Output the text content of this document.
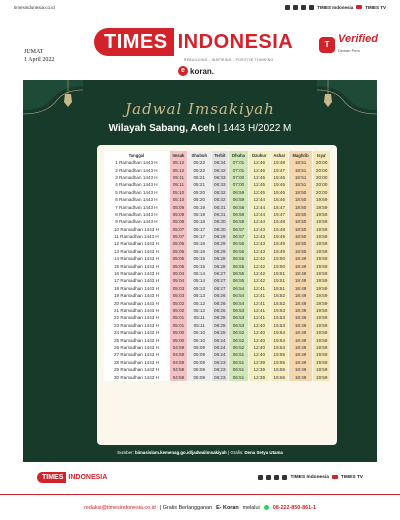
timesindonesia.co.id	TIMES Indonesia	TIMES TV
JUMAT
1 April 2022
TIMES INDONESIA
REBUILDING - INSPIRING - POSITIVE THINKING
e koran.
T Verified
Dewan Pers
Jadwal Imsakiyah
Wilayah Sabang, Aceh | 1443 H/2022 M
Tanggal	Imsak	Shubuh	Terbit	Dhuha	Dzuhur	Ashar	Maghrib	Isya'
1 Ramadhan 1443 H	05:12	05:22	06:34	07:01	12:46	15:48	18:51	20:00
2 Ramadhan 1443 H	05:12	05:22	06:32	07:01	12:46	15:47	18:51	20:00
3 Ramadhan 1443 H	05:11	05:21	06:33	07:00	12:45	15:46	18:51	20:00
4 Ramadhan 1443 H	05:11	05:21	06:33	07:00	12:45	15:46	18:51	20:00
5 Ramadhan 1443 H	05:10	05:20	06:32	06:59	12:45	15:46	18:50	20:00
6 Ramadhan 1443 H	05:10	05:20	06:32	06:59	12:44	15:46	18:50	19:59
7 Ramadhan 1443 H	05:09	05:19	06:31	06:58	12:44	15:47	18:50	19:59
8 Ramadhan 1443 H	05:09	05:19	06:31	06:58	12:44	15:47	18:50	19:59
9 Ramadhan 1443 H	05:08	05:18	06:30	06:58	12:44	15:48	18:50	19:59
10 Ramadhan 1443 H	05:07	05:17	06:30	06:57	12:43	15:48	18:50	19:59
11 Ramadhan 1443 H	05:07	05:17	06:29	06:57	12:43	15:49	18:50	19:59
12 Ramadhan 1443 H	05:06	05:16	06:29	06:56	12:43	15:49	18:50	19:59
13 Ramadhan 1443 H	05:06	05:16	06:29	06:56	12:43	15:49	18:50	19:59
14 Ramadhan 1443 H	05:05	05:15	06:28	06:56	12:42	15:50	18:49	19:59
15 Ramadhan 1443 H	05:05	05:15	06:28	06:55	12:42	15:50	18:49	19:59
16 Ramadhan 1443 H	05:04	05:14	06:27	06:55	12:42	15:51	18:49	19:59
17 Ramadhan 1443 H	05:04	05:14	06:27	06:55	12:42	15:51	18:49	19:59
18 Ramadhan 1443 H	05:03	05:13	06:27	06:54	12:41	15:51	18:49	19:59
19 Ramadhan 1443 H	05:03	05:13	06:26	06:54	12:41	15:52	18:49	19:59
20 Ramadhan 1443 H	05:02	05:12	06:26	06:54	12:41	15:52	18:49	19:59
21 Ramadhan 1443 H	05:02	05:12	06:26	06:53	12:41	15:53	18:49	19:59
22 Ramadhan 1443 H	05:01	05:11	06:25	06:53	12:41	15:53	18:49	19:59
23 Ramadhan 1443 H	05:01	05:11	06:25	06:53	12:40	15:53	18:49	19:59
24 Ramadhan 1443 H	05:00	05:10	06:25	06:52	12:40	15:54	18:49	19:59
25 Ramadhan 1443 H	05:00	05:10	06:24	06:52	12:40	15:54	18:49	19:59
26 Ramadhan 1443 H	04:59	05:09	06:24	06:52	12:40	15:54	18:49	19:59
27 Ramadhan 1443 H	04:59	05:09	06:24	06:51	12:40	15:55	18:49	19:59
28 Ramadhan 1443 H	04:58	05:08	06:23	06:51	12:39	15:55	18:49	19:59
29 Ramadhan 1443 H	04:58	05:08	06:23	06:51	12:39	15:55	18:49	19:59
30 Ramadhan 1443 H	04:58	05:08	06:23	06:51	12:39	15:56	18:49	19:59
Sumber: bimasislam.kemenag.go.id/jadwalimsakiyah | Grafis: Dena Setya Utama
TIMES INDONESIA	TIMES Indonesia	TIMES TV
redaksi@timesindonesia.co.id | Gratis Berlangganan E- Koran melalui 08-222-850-861-1
